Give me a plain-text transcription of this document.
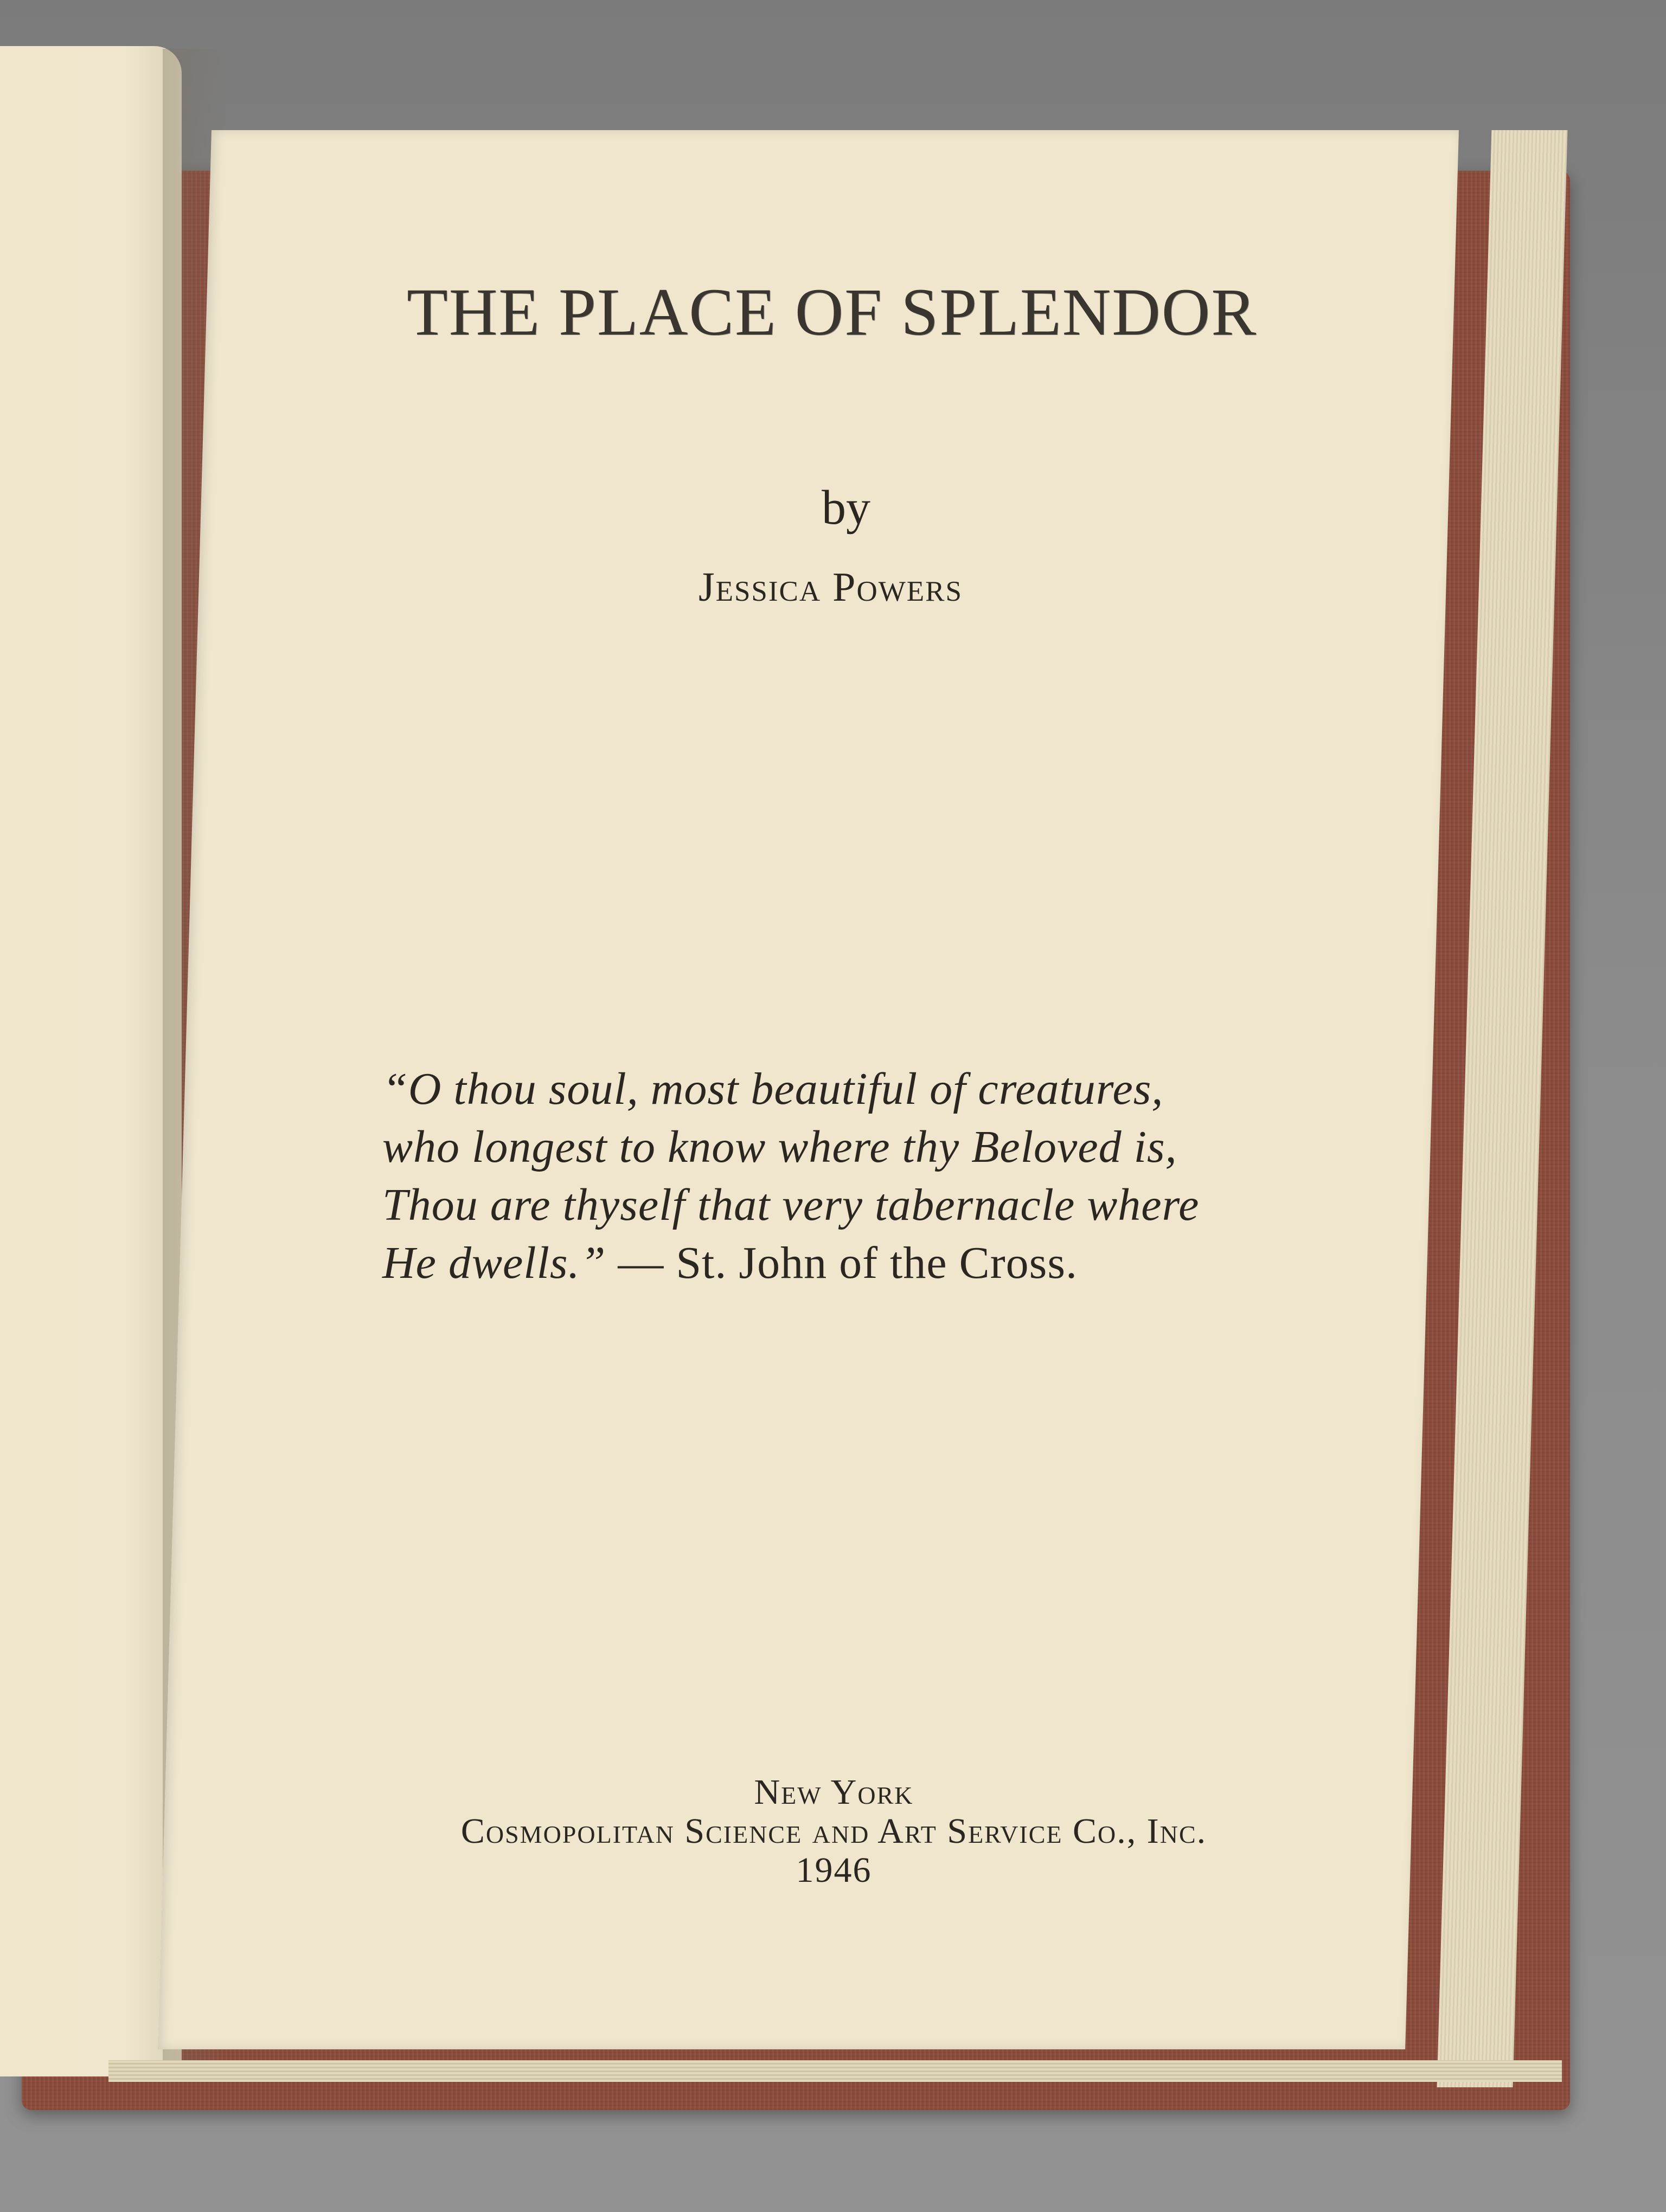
THE PLACE OF SPLENDOR
by
Jessica Powers
“O thou soul, most beautiful of creatures,
who longest to know where thy Beloved is,
Thou are thyself that very tabernacle where
He dwells.” — St. John of the Cross.
New York
Cosmopolitan Science and Art Service Co., Inc.
1946
